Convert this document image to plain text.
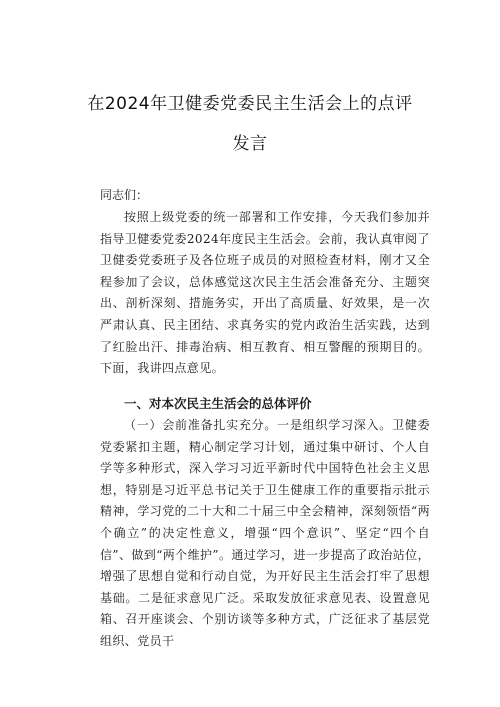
在2024年卫健委党委民主生活会上的点评
发言
同志们：
按照上级党委的统一部署和工作安排，今天我们参加并指导卫健委党委2024年度民主生活会。会前，我认真审阅了卫健委党委班子及各位班子成员的对照检查材料，刚才又全程参加了会议，总体感觉这次民主生活会准备充分、主题突出、剖析深刻、措施务实，开出了高质量、好效果，是一次严肃认真、民主团结、求真务实的党内政治生活实践，达到了红脸出汗、排毒治病、相互教育、相互警醒的预期目的。下面，我讲四点意见。
一、对本次民主生活会的总体评价
（一）会前准备扎实充分。一是组织学习深入。卫健委党委紧扣主题，精心制定学习计划，通过集中研讨、个人自学等多种形式，深入学习习近平新时代中国特色社会主义思想，特别是习近平总书记关于卫生健康工作的重要指示批示精神，学习党的二十大和二十届三中全会精神，深刻领悟“两个确立”的决定性意义，增强“四个意识”、坚定“四个自信”、做到“两个维护”。通过学习，进一步提高了政治站位，增强了思想自觉和行动自觉，为开好民主生活会打牢了思想基础。二是征求意见广泛。采取发放征求意见表、设置意见箱、召开座谈会、个别访谈等多种方式，广泛征求了基层党组织、党员干
